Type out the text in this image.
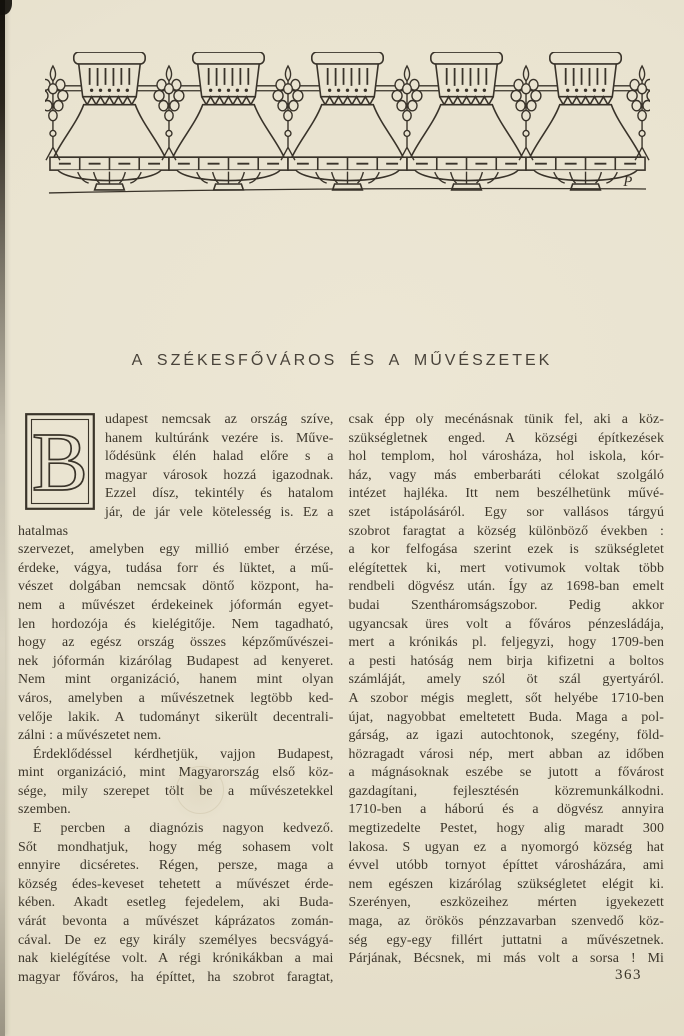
P
A SZÉKESFŐVÁROS ÉS A MŰVÉSZETEK
B	udapest nemcsak az ország szíve,
hanem kultúránk vezére is. Műve-
lődésünk élén halad előre s a
magyar városok hozzá igazodnak.
Ezzel dísz, tekintély és hatalom
jár, de jár vele kötelesség is. Ez a hatalmas
szervezet, amelyben egy millió ember érzése,
érdeke, vágya, tudása forr és lüktet, a mű-
vészet dolgában nemcsak döntő központ, ha-
nem a művészet érdekeinek jóformán egyet-
len hordozója és kielégitője. Nem tagadható,
hogy az egész ország összes képzőművészei-
nek jóformán kizárólag Budapest ad kenyeret.
Nem mint organizáció, hanem mint olyan
város, amelyben a művészetnek legtöbb ked-
velője lakik. A tudományt sikerült decentrali-
zálni : a művészetet nem.
Érdeklődéssel kérdhetjük, vajjon Budapest,
mint organizáció, mint Magyarország első köz-
sége, mily szerepet tölt be a művészetekkel
szemben.
E percben a diagnózis nagyon kedvező.
Sőt mondhatjuk, hogy még sohasem volt
ennyire dicséretes. Régen, persze, maga a
község édes-keveset tehetett a művészet érde-
kében. Akadt esetleg fejedelem, aki Buda-
várát bevonta a művészet káprázatos zomán-
cával. De ez egy király személyes becsvágyá-
nak kielégítése volt. A régi krónikákban a mai
magyar főváros, ha építtet, ha szobrot faragtat,
csak épp oly mecénásnak tünik fel, aki a köz-
szükségletnek enged. A községi építkezések
hol templom, hol városháza, hol iskola, kór-
ház, vagy más emberbaráti célokat szolgáló
intézet hajléka. Itt nem beszélhetünk művé-
szet istápolásáról. Egy sor vallásos tárgyú
szobrot faragtat a község különböző években :
a kor felfogása szerint ezek is szükségletet
elégítettek ki, mert votivumok voltak több
rendbeli dögvész után. Így az 1698-ban emelt
budai Szentháromságszobor. Pedig akkor
ugyancsak üres volt a főváros pénzesládája,
mert a krónikás pl. feljegyzi, hogy 1709-ben
a pesti hatóság nem birja kifizetni a boltos
számláját, amely szól öt szál gyertyáról.
A szobor mégis meglett, sőt helyébe 1710-ben
újat, nagyobbat emeltetett Buda. Maga a pol-
gárság, az igazi autochtonok, szegény, föld-
hözragadt városi nép, mert abban az időben
a mágnásoknak eszébe se jutott a fővárost
gazdagítani, fejlesztésén közremunkálkodni.
1710-ben a háború és a dögvész annyira
megtizedelte Pestet, hogy alig maradt 300
lakosa. S ugyan ez a nyomorgó község hat
évvel utóbb tornyot építtet városházára, ami
nem egészen kizárólag szükségletet elégit ki.
Szerényen, eszközeihez mérten igyekezett
maga, az örökös pénzzavarban szenvedő köz-
ség egy-egy fillért juttatni a művészetnek.
Párjának, Bécsnek, mi más volt a sorsa ! Mi
363
